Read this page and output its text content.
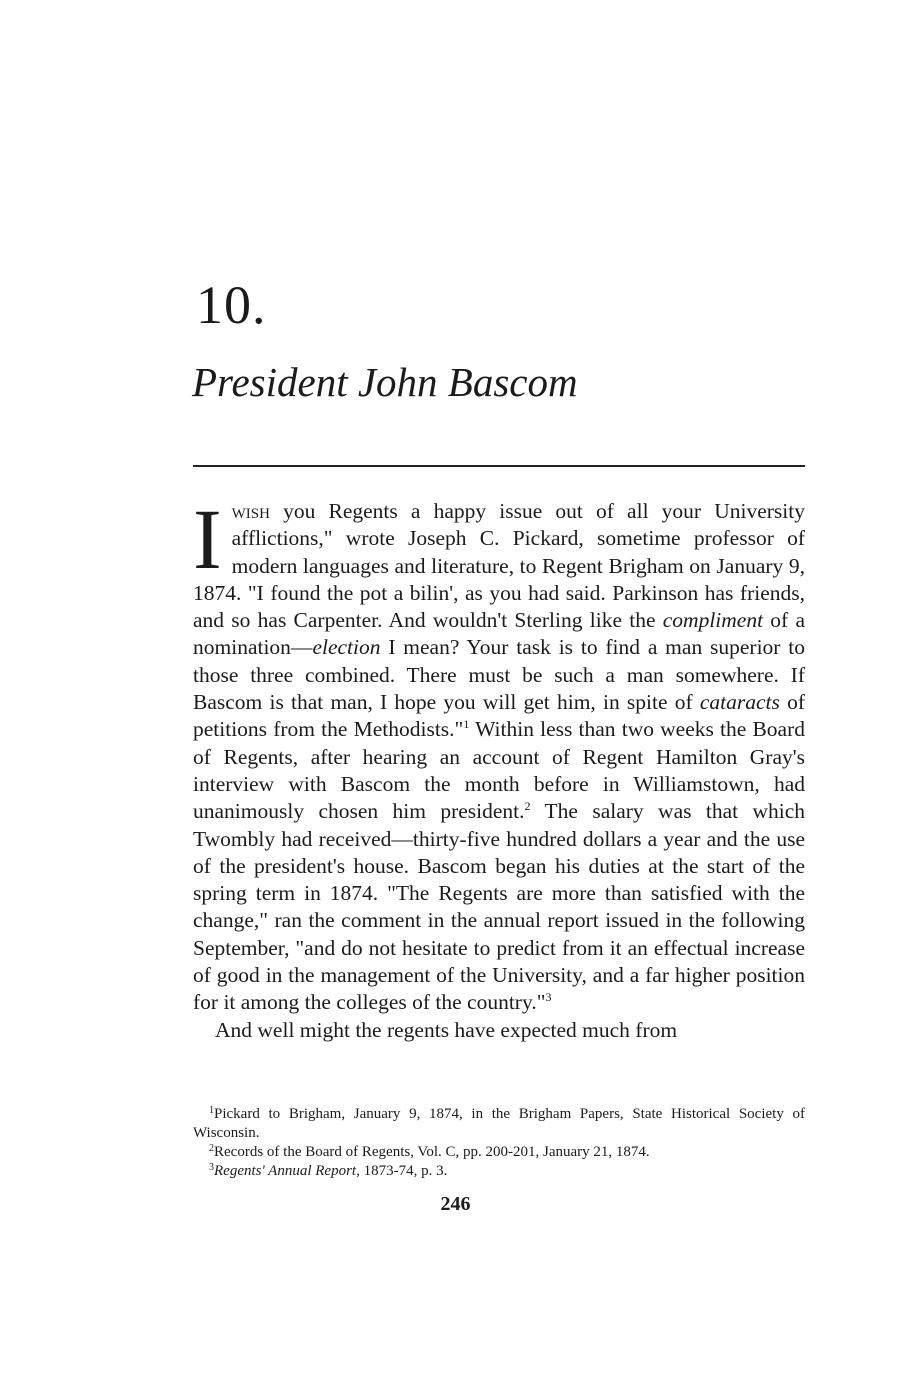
10.
President John Bascom

Iwish you Regents a happy issue out of all your University afflictions," wrote Joseph C. Pickard, sometime professor of modern languages and literature, to Regent Brigham on January 9, 1874. "I found the pot a bilin', as you had said. Parkinson has friends, and so has Carpenter. And wouldn't Sterling like the compliment of a nomination—election I mean? Your task is to find a man superior to those three combined. There must be such a man somewhere. If Bascom is that man, I hope you will get him, in spite of cataracts of petitions from the Methodists."$^1$ Within less than two weeks the Board of Regents, after hearing an account of Regent Hamilton Gray's interview with Bascom the month before in Williamstown, had unanimously chosen him president.$^2$ The salary was that which Twombly had received—thirty-five hundred dollars a year and the use of the president's house. Bascom began his duties at the start of the spring term in 1874. "The Regents are more than satisfied with the change," ran the comment in the annual report issued in the following September, "and do not hesitate to predict from it an effectual increase of good in the management of the University, and a far higher position for it among the colleges of the country."$^3$

And well might the regents have expected much from

$^1$Pickard to Brigham, January 9, 1874, in the Brigham Papers, State Historical Society of Wisconsin.

$^2$Records of the Board of Regents, Vol. C, pp. 200-201, January 21, 1874.

$^3$Regents' Annual Report, 1873-74, p. 3.

246
